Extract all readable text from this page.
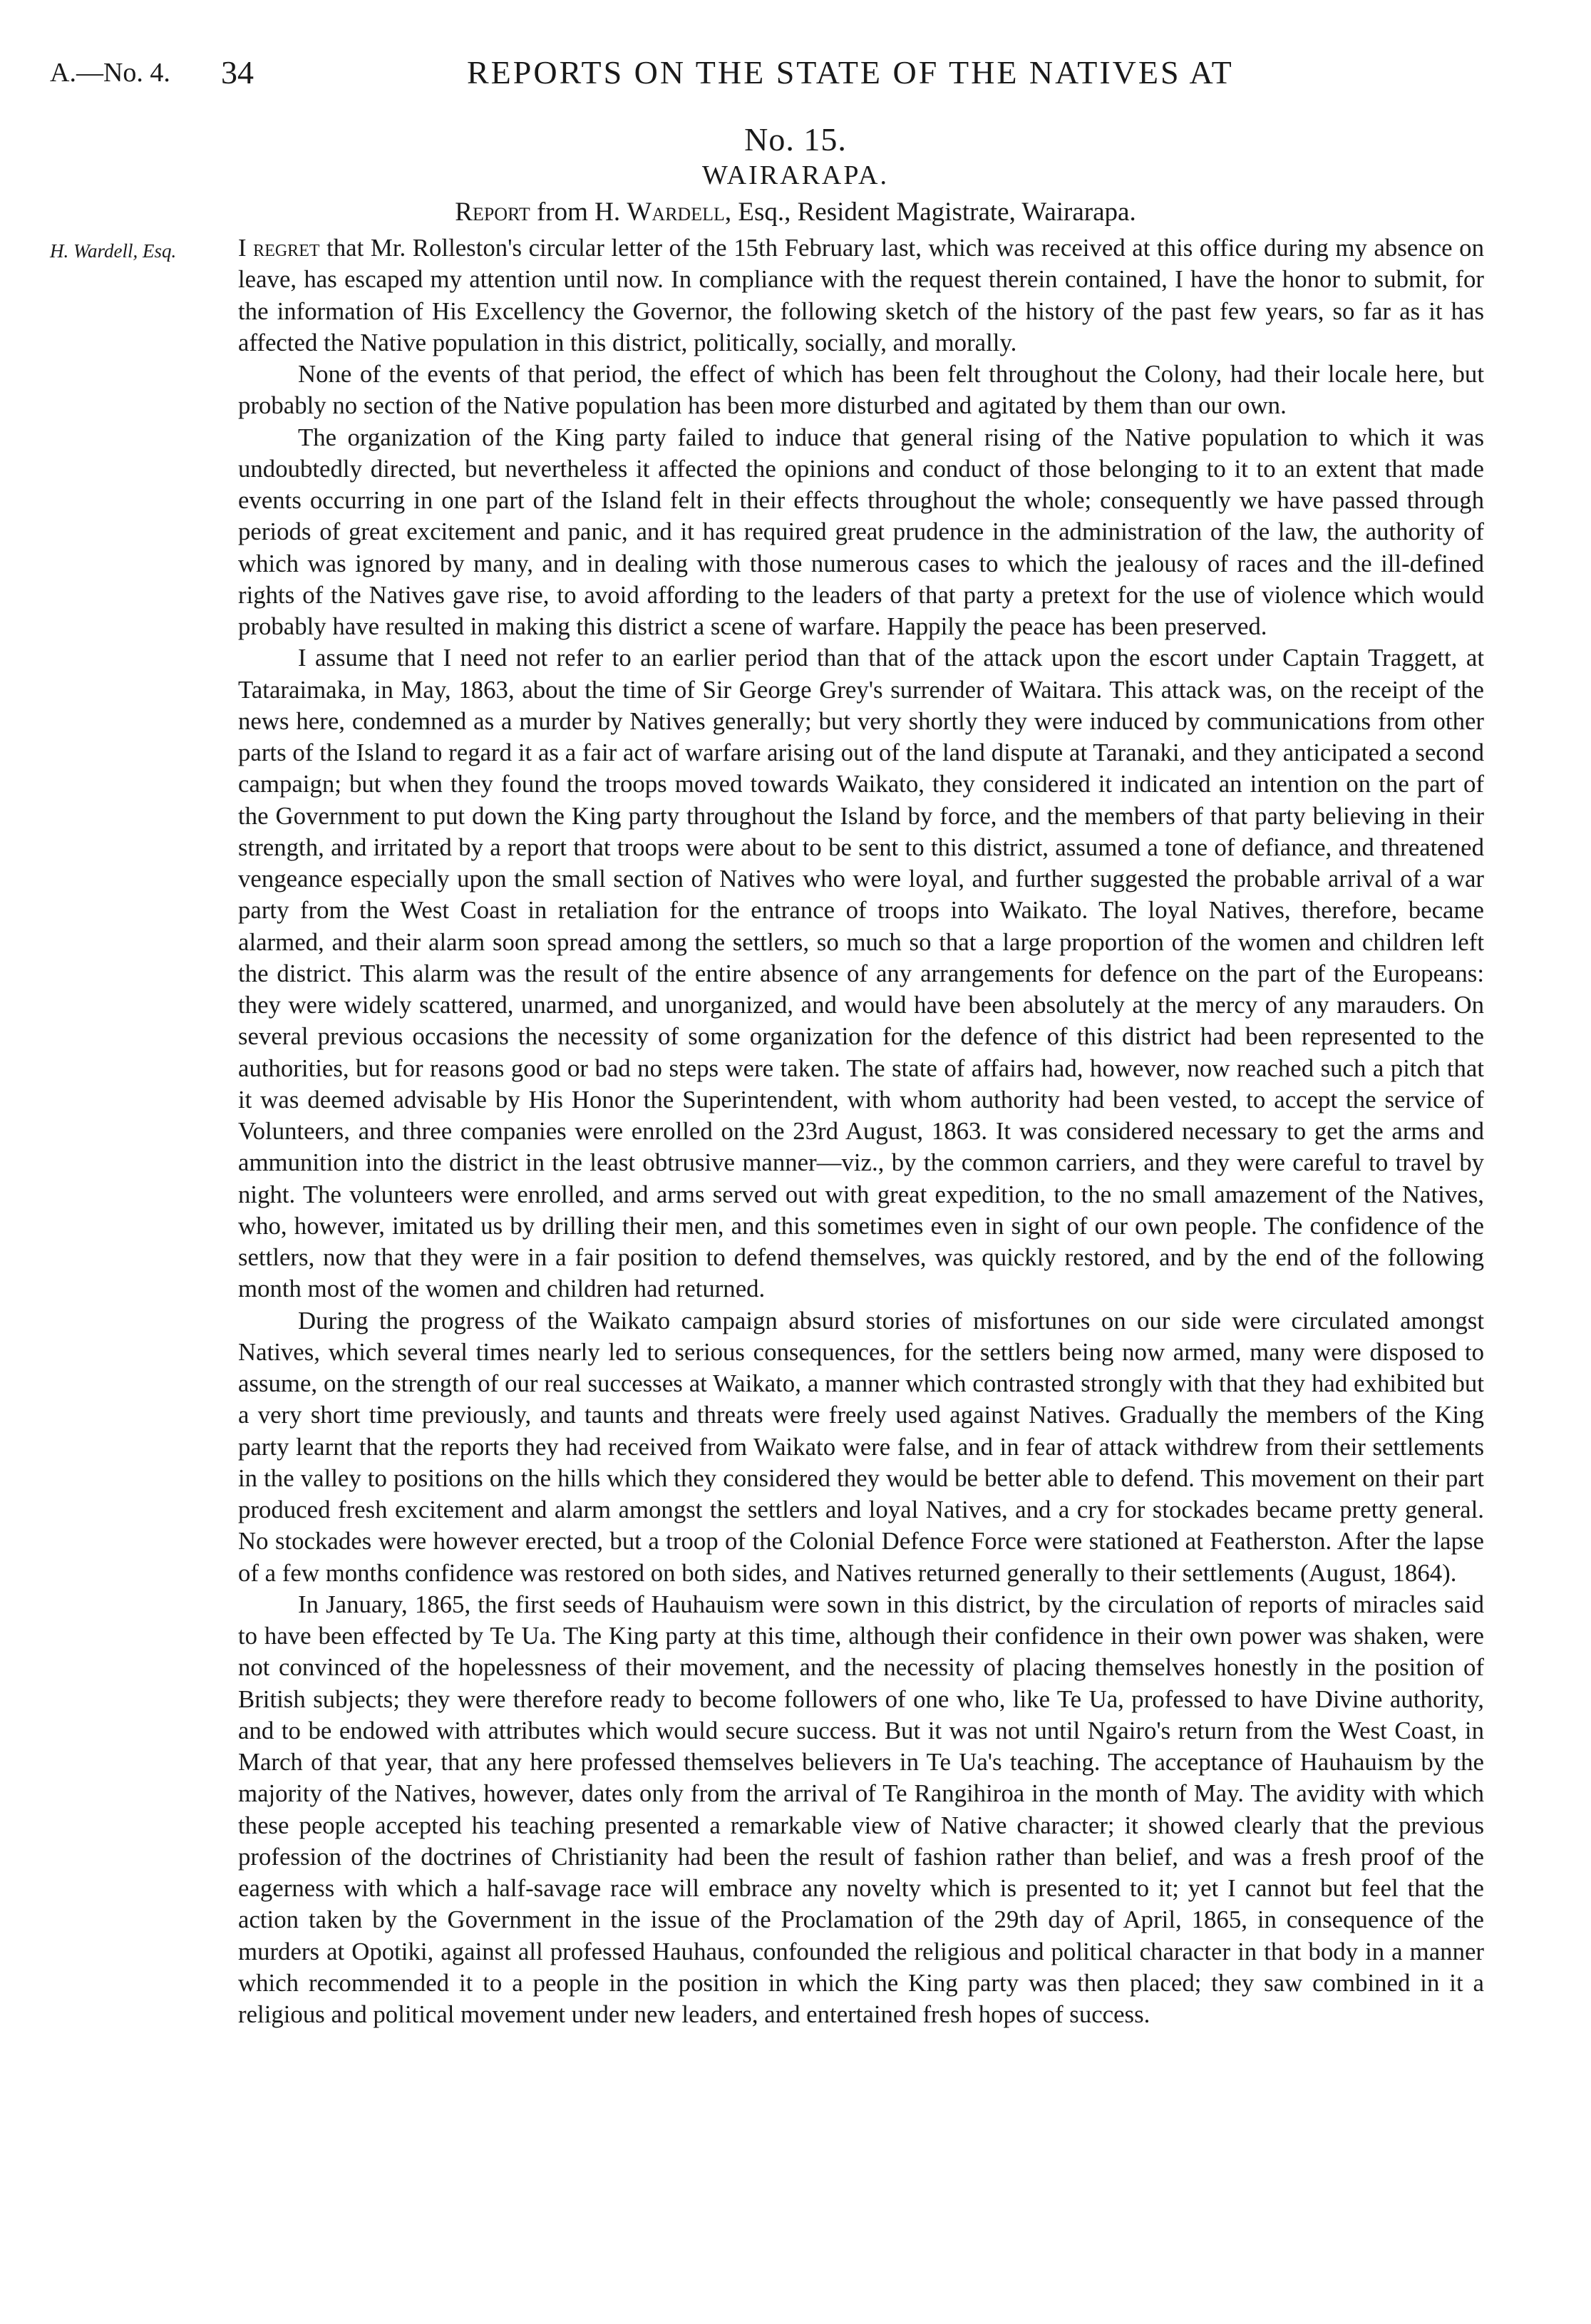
A.—No. 4. 34	REPORTS ON THE STATE OF THE NATIVES AT
No. 15.
WAIRARAPA.
Report from H. Wardell, Esq., Resident Magistrate, Wairarapa.
H. Wardell, Esq.	I regret that Mr. Rolleston's circular letter of the 15th February last, which was received at this office during my absence on leave, has escaped my attention until now. In compliance with the request therein contained, I have the honor to submit, for the information of His Excellency the Governor, the following sketch of the history of the past few years, so far as it has affected the Native population in this district, politically, socially, and morally.

None of the events of that period, the effect of which has been felt throughout the Colony, had their locale here, but probably no section of the Native population has been more disturbed and agitated by them than our own.

The organization of the King party failed to induce that general rising of the Native population to which it was undoubtedly directed, but nevertheless it affected the opinions and conduct of those belonging to it to an extent that made events occurring in one part of the Island felt in their effects throughout the whole; consequently we have passed through periods of great excitement and panic, and it has required great prudence in the administration of the law, the authority of which was ignored by many, and in dealing with those numerous cases to which the jealousy of races and the ill-defined rights of the Natives gave rise, to avoid affording to the leaders of that party a pretext for the use of violence which would probably have resulted in making this district a scene of warfare. Happily the peace has been preserved.

I assume that I need not refer to an earlier period than that of the attack upon the escort under Captain Traggett, at Tataraimaka, in May, 1863, about the time of Sir George Grey's surrender of Waitara. This attack was, on the receipt of the news here, condemned as a murder by Natives generally; but very shortly they were induced by communications from other parts of the Island to regard it as a fair act of warfare arising out of the land dispute at Taranaki, and they anticipated a second campaign; but when they found the troops moved towards Waikato, they considered it indicated an intention on the part of the Government to put down the King party throughout the Island by force, and the members of that party believing in their strength, and irritated by a report that troops were about to be sent to this district, assumed a tone of defiance, and threatened vengeance especially upon the small section of Natives who were loyal, and further suggested the probable arrival of a war party from the West Coast in retaliation for the entrance of troops into Waikato. The loyal Natives, therefore, became alarmed, and their alarm soon spread among the settlers, so much so that a large proportion of the women and children left the district. This alarm was the result of the entire absence of any arrangements for defence on the part of the Europeans: they were widely scattered, unarmed, and unorganized, and would have been absolutely at the mercy of any marauders. On several previous occasions the necessity of some organization for the defence of this district had been represented to the authorities, but for reasons good or bad no steps were taken. The state of affairs had, however, now reached such a pitch that it was deemed advisable by His Honor the Superintendent, with whom authority had been vested, to accept the service of Volunteers, and three companies were enrolled on the 23rd August, 1863. It was considered necessary to get the arms and ammunition into the district in the least obtrusive manner—viz., by the common carriers, and they were careful to travel by night. The volunteers were enrolled, and arms served out with great expedition, to the no small amazement of the Natives, who, however, imitated us by drilling their men, and this sometimes even in sight of our own people. The confidence of the settlers, now that they were in a fair position to defend themselves, was quickly restored, and by the end of the following month most of the women and children had returned.

During the progress of the Waikato campaign absurd stories of misfortunes on our side were circulated amongst Natives, which several times nearly led to serious consequences, for the settlers being now armed, many were disposed to assume, on the strength of our real successes at Waikato, a manner which contrasted strongly with that they had exhibited but a very short time previously, and taunts and threats were freely used against Natives. Gradually the members of the King party learnt that the reports they had received from Waikato were false, and in fear of attack withdrew from their settlements in the valley to positions on the hills which they considered they would be better able to defend. This movement on their part produced fresh excitement and alarm amongst the settlers and loyal Natives, and a cry for stockades became pretty general. No stockades were however erected, but a troop of the Colonial Defence Force were stationed at Featherston. After the lapse of a few months confidence was restored on both sides, and Natives returned generally to their settlements (August, 1864).

In January, 1865, the first seeds of Hauhauism were sown in this district, by the circulation of reports of miracles said to have been effected by Te Ua. The King party at this time, although their confidence in their own power was shaken, were not convinced of the hopelessness of their movement, and the necessity of placing themselves honestly in the position of British subjects; they were therefore ready to become followers of one who, like Te Ua, professed to have Divine authority, and to be endowed with attributes which would secure success. But it was not until Ngairo's return from the West Coast, in March of that year, that any here professed themselves believers in Te Ua's teaching. The acceptance of Hauhauism by the majority of the Natives, however, dates only from the arrival of Te Rangihiroa in the month of May. The avidity with which these people accepted his teaching presented a remarkable view of Native character; it showed clearly that the previous profession of the doctrines of Christianity had been the result of fashion rather than belief, and was a fresh proof of the eagerness with which a half-savage race will embrace any novelty which is presented to it; yet I cannot but feel that the action taken by the Government in the issue of the Proclamation of the 29th day of April, 1865, in consequence of the murders at Opotiki, against all professed Hauhaus, confounded the religious and political character in that body in a manner which recommended it to a people in the position in which the King party was then placed; they saw combined in it a religious and political movement under new leaders, and entertained fresh hopes of success.
